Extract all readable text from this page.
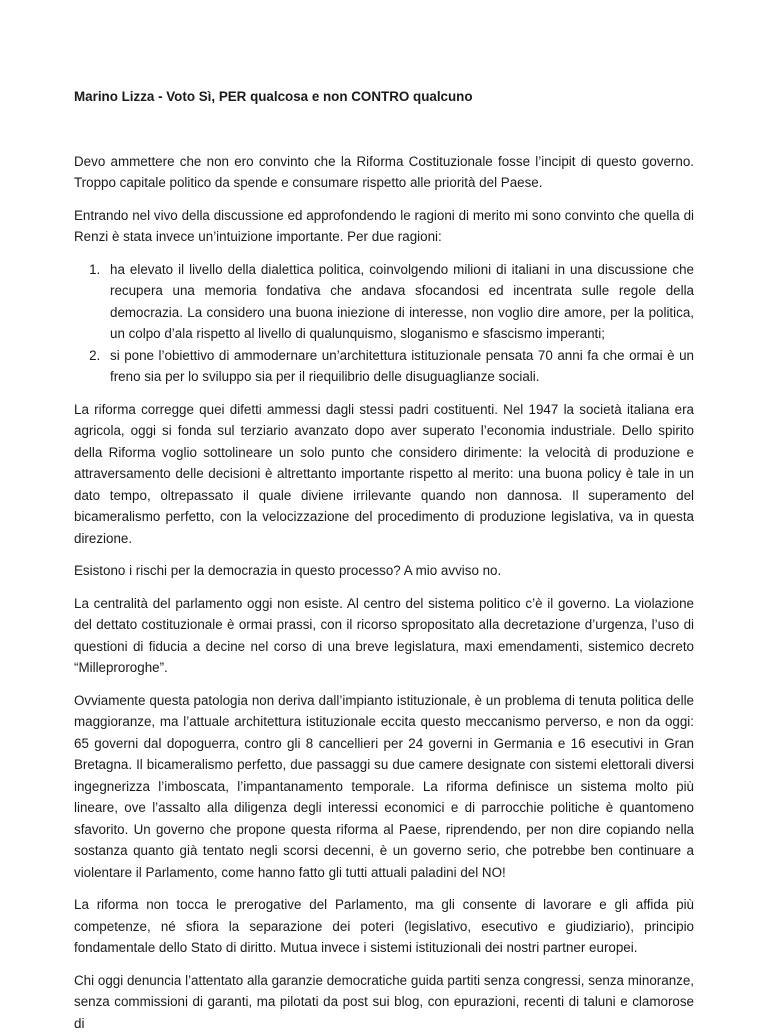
Marino Lizza - Voto Sì, PER qualcosa e non CONTRO qualcuno

Devo ammettere che non ero convinto che la Riforma Costituzionale fosse l’incipit di questo governo. Troppo capitale politico da spende e consumare rispetto alle priorità del Paese.

Entrando nel vivo della discussione ed approfondendo le ragioni di merito mi sono convinto che quella di Renzi è stata invece un’intuizione importante. Per due ragioni:

1. ha elevato il livello della dialettica politica, coinvolgendo milioni di italiani in una discussione che recupera una memoria fondativa che andava sfocandosi ed incentrata sulle regole della democrazia. La considero una buona iniezione di interesse, non voglio dire amore, per la politica, un colpo d’ala rispetto al livello di qualunquismo, sloganismo e sfascismo imperanti;
2. si pone l’obiettivo di ammodernare un’architettura istituzionale pensata 70 anni fa che ormai è un freno sia per lo sviluppo sia per il riequilibrio delle disuguaglianze sociali.

La riforma corregge quei difetti ammessi dagli stessi padri costituenti. Nel 1947 la società italiana era agricola, oggi si fonda sul terziario avanzato dopo aver superato l’economia industriale. Dello spirito della Riforma voglio sottolineare un solo punto che considero dirimente: la velocità di produzione e attraversamento delle decisioni è altrettanto importante rispetto al merito: una buona policy è tale in un dato tempo, oltrepassato il quale diviene irrilevante quando non dannosa. Il superamento del bicameralismo perfetto, con la velocizzazione del procedimento di produzione legislativa, va in questa direzione.

Esistono i rischi per la democrazia in questo processo? A mio avviso no.

La centralità del parlamento oggi non esiste. Al centro del sistema politico c’è il governo. La violazione del dettato costituzionale è ormai prassi, con il ricorso spropositato alla decretazione d’urgenza, l’uso di questioni di fiducia a decine nel corso di una breve legislatura, maxi emendamenti, sistemico decreto “Milleproroghe”.

Ovviamente questa patologia non deriva dall’impianto istituzionale, è un problema di tenuta politica delle maggioranze, ma l’attuale architettura istituzionale eccita questo meccanismo perverso, e non da oggi: 65 governi dal dopoguerra, contro gli 8 cancellieri per 24 governi in Germania e 16 esecutivi in Gran Bretagna. Il bicameralismo perfetto, due passaggi su due camere designate con sistemi elettorali diversi ingegnerizza l’imboscata, l’impantanamento temporale. La riforma definisce un sistema molto più lineare, ove l’assalto alla diligenza degli interessi economici e di parrocchie politiche è quantomeno sfavorito. Un governo che propone questa riforma al Paese, riprendendo, per non dire copiando nella sostanza quanto già tentato negli scorsi decenni, è un governo serio, che potrebbe ben continuare a violentare il Parlamento, come hanno fatto gli tutti attuali paladini del NO!

La riforma non tocca le prerogative del Parlamento, ma gli consente di lavorare e gli affida più competenze, né sfiora la separazione dei poteri (legislativo, esecutivo e giudiziario), principio fondamentale dello Stato di diritto. Mutua invece i sistemi istituzionali dei nostri partner europei.

Chi oggi denuncia l’attentato alla garanzie democratiche guida partiti senza congressi, senza minoranze, senza commissioni di garanti, ma pilotati da post sui blog, con epurazioni, recenti di taluni e clamorose di
